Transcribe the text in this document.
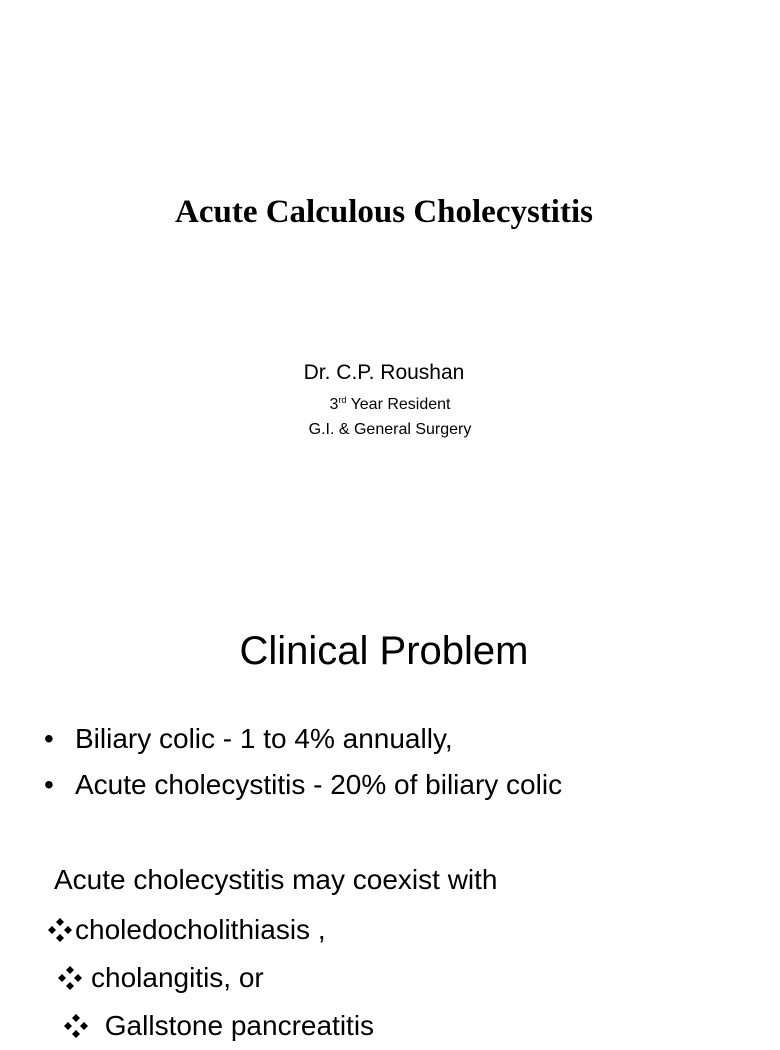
Acute Calculous Cholecystitis
Dr. C.P. Roushan
3rd Year Resident
G.I. & General Surgery
Clinical Problem
• Biliary colic - 1 to 4% annually,
• Acute cholecystitis - 20% of biliary colic
Acute cholecystitis may coexist with
choledocholithiasis ,
cholangitis, or
Gallstone pancreatitis
